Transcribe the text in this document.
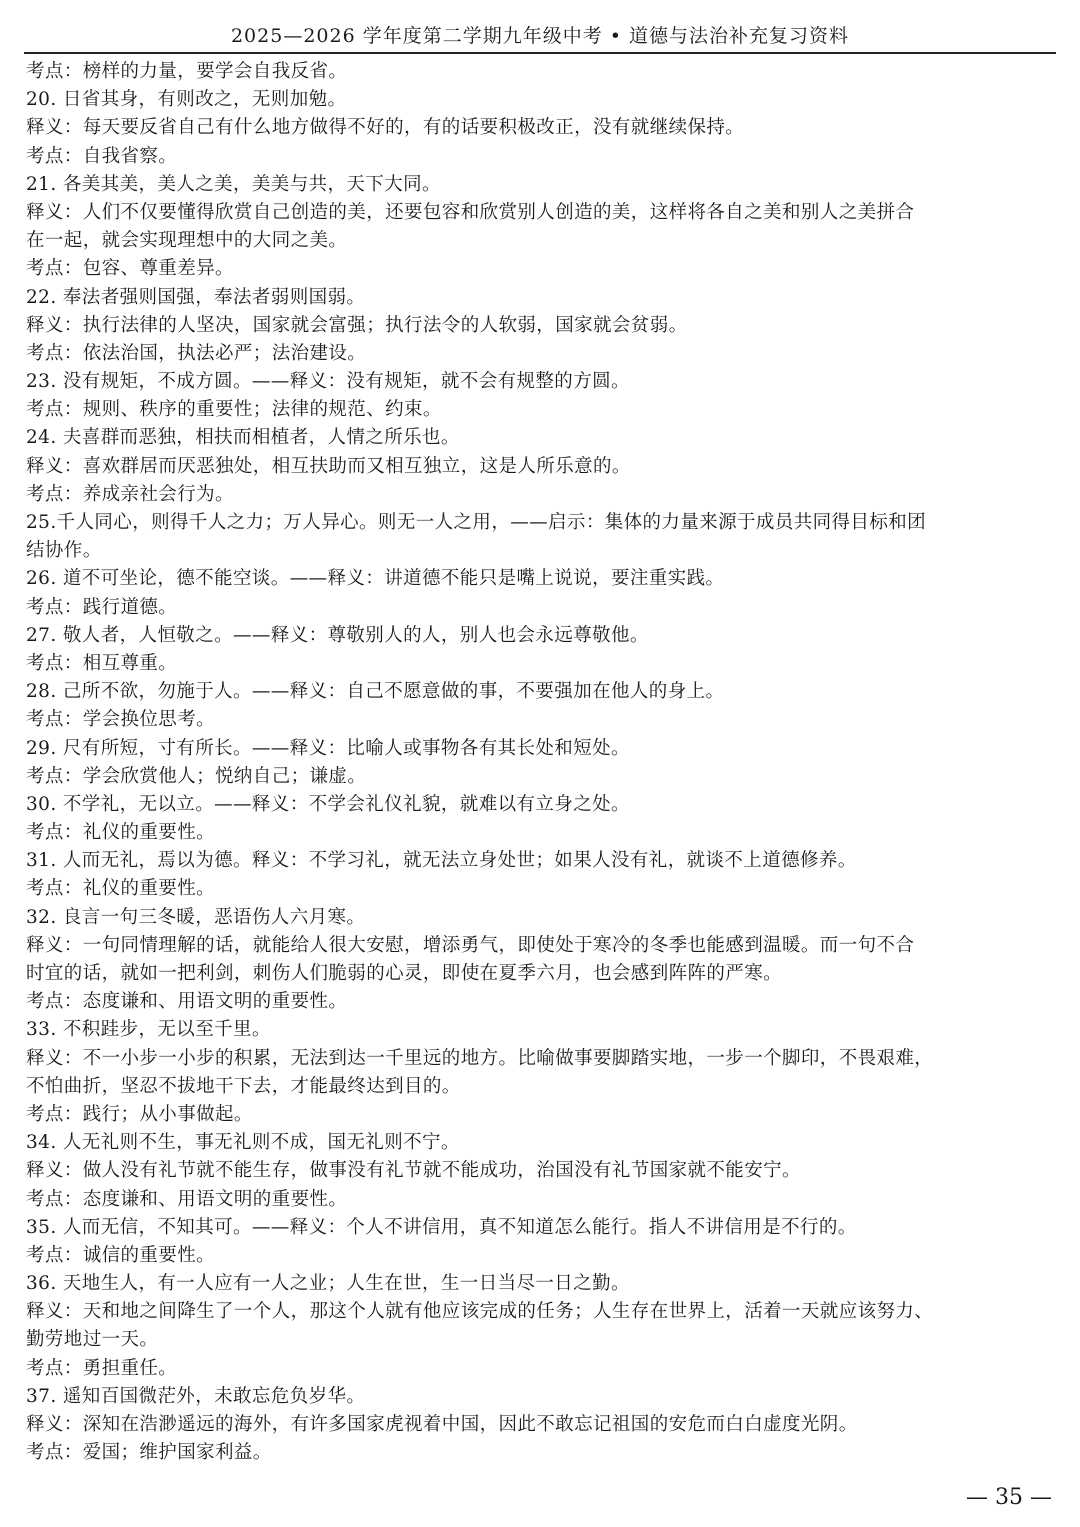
2025—2026 学年度第二学期九年级中考 • 道德与法治补充复习资料
考点：榜样的力量，要学会自我反省。
20. 日省其身，有则改之，无则加勉。
释义：每天要反省自己有什么地方做得不好的，有的话要积极改正，没有就继续保持。
考点：自我省察。
21. 各美其美，美人之美，美美与共，天下大同。
释义：人们不仅要懂得欣赏自己创造的美，还要包容和欣赏别人创造的美，这样将各自之美和别人之美拼合
在一起，就会实现理想中的大同之美。
考点：包容、尊重差异。
22. 奉法者强则国强，奉法者弱则国弱。
释义：执行法律的人坚决，国家就会富强；执行法令的人软弱，国家就会贫弱。
考点：依法治国，执法必严；法治建设。
23. 没有规矩，不成方圆。——释义：没有规矩，就不会有规整的方圆。
考点：规则、秩序的重要性；法律的规范、约束。
24. 夫喜群而恶独，相扶而相植者，人情之所乐也。
释义：喜欢群居而厌恶独处，相互扶助而又相互独立，这是人所乐意的。
考点：养成亲社会行为。
25.千人同心，则得千人之力；万人异心。则无一人之用，——启示：集体的力量来源于成员共同得目标和团
结协作。
26. 道不可坐论，德不能空谈。——释义：讲道德不能只是嘴上说说，要注重实践。
考点：践行道德。
27. 敬人者，人恒敬之。——释义：尊敬别人的人，别人也会永远尊敬他。
考点：相互尊重。
28. 己所不欲，勿施于人。——释义：自己不愿意做的事，不要强加在他人的身上。
考点：学会换位思考。
29. 尺有所短，寸有所长。——释义：比喻人或事物各有其长处和短处。
考点：学会欣赏他人；悦纳自己；谦虚。
30. 不学礼，无以立。——释义：不学会礼仪礼貌，就难以有立身之处。
考点：礼仪的重要性。
31. 人而无礼，焉以为德。释义：不学习礼，就无法立身处世；如果人没有礼，就谈不上道德修养。
考点：礼仪的重要性。
32. 良言一句三冬暖，恶语伤人六月寒。
释义：一句同情理解的话，就能给人很大安慰，增添勇气，即使处于寒冷的冬季也能感到温暖。而一句不合
时宜的话，就如一把利剑，刺伤人们脆弱的心灵，即使在夏季六月，也会感到阵阵的严寒。
考点：态度谦和、用语文明的重要性。
33. 不积跬步，无以至千里。
释义：不一小步一小步的积累，无法到达一千里远的地方。比喻做事要脚踏实地，一步一个脚印，不畏艰难，
不怕曲折，坚忍不拔地干下去，才能最终达到目的。
考点：践行；从小事做起。
34. 人无礼则不生，事无礼则不成，国无礼则不宁。
释义：做人没有礼节就不能生存，做事没有礼节就不能成功，治国没有礼节国家就不能安宁。
考点：态度谦和、用语文明的重要性。
35. 人而无信，不知其可。——释义：个人不讲信用，真不知道怎么能行。指人不讲信用是不行的。
考点：诚信的重要性。
36. 天地生人，有一人应有一人之业；人生在世，生一日当尽一日之勤。
释义：天和地之间降生了一个人，那这个人就有他应该完成的任务；人生存在世界上，活着一天就应该努力、
勤劳地过一天。
考点：勇担重任。
37. 遥知百国微茫外，未敢忘危负岁华。
释义：深知在浩渺遥远的海外，有许多国家虎视着中国，因此不敢忘记祖国的安危而白白虚度光阴。
考点：爱国；维护国家利益。
— 35 —
